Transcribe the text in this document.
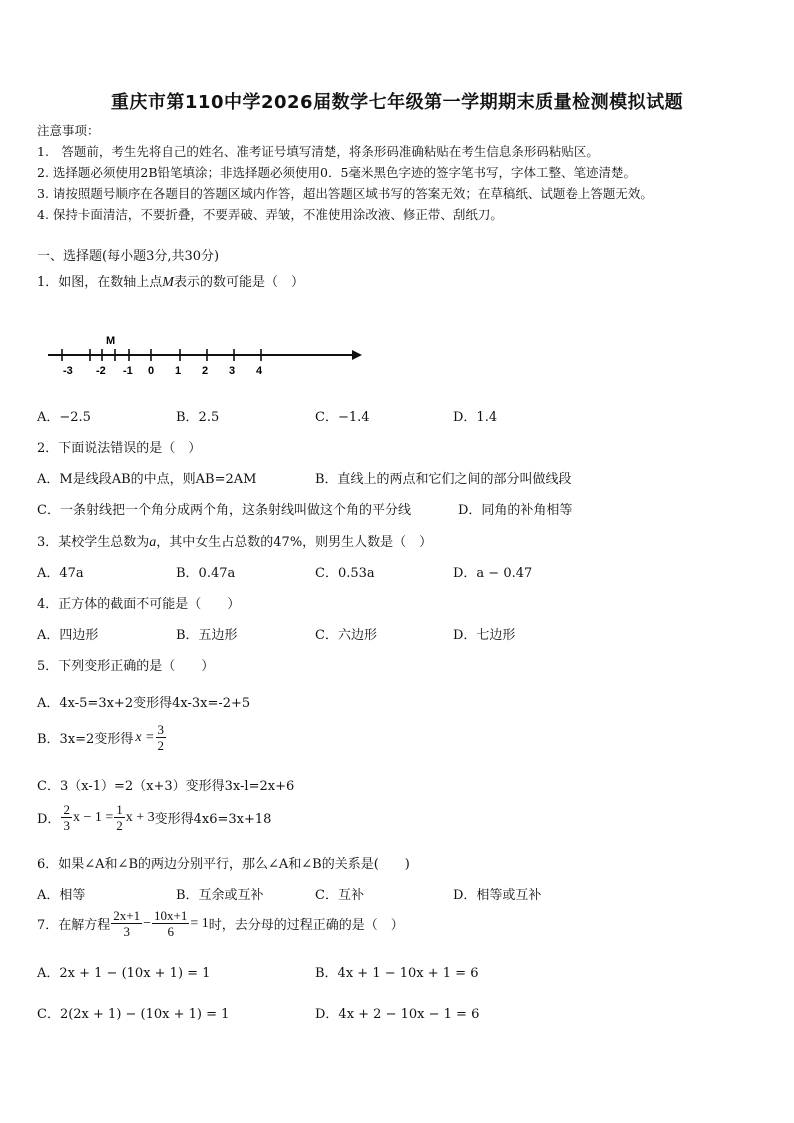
重庆市第110中学2026届数学七年级第一学期期末质量检测模拟试题
注意事项：
1.　答题前，考生先将自己的姓名、准考证号填写清楚，将条形码准确粘贴在考生信息条形码粘贴区。
2. 选择题必须使用2B铅笔填涂；非选择题必须使用0．5毫米黑色字迹的签字笔书写，字体工整、笔迹清楚。
3. 请按照题号顺序在各题目的答题区域内作答，超出答题区域书写的答案无效；在草稿纸、试题卷上答题无效。
4. 保持卡面清洁，不要折叠，不要弄破、弄皱，不准使用涂改液、修正带、刮纸刀。
一、选择题(每小题3分,共30分)
1．如图，在数轴上点M表示的数可能是（　）
-3 -2 -1 0 1 2 3 4
M
A．−2.5	B．2.5	C．−1.4	D．1.4
2．下面说法错误的是（　）
A．M是线段AB的中点，则AB=2AM	B．直线上的两点和它们之间的部分叫做线段
C．一条射线把一个角分成两个角，这条射线叫做这个角的平分线	D．同角的补角相等
3．某校学生总数为a，其中女生占总数的47%，则男生人数是（　）
A．47a	B．0.47a	C．0.53a	D．a − 0.47
4．正方体的截面不可能是（　　）
A．四边形	B．五边形	C．六边形	D．七边形
5．下列变形正确的是（　　）
A．4x-5=3x+2变形得4x-3x=-2+5
B．3x=2变形得 $x = \frac{3}{2}$
C．3（x-1）=2（x+3）变形得3x-l=2x+6
D． $\frac{2}{3}$ $x - 1 = \frac{1}{2}$ x + 3 变形得4x6=3x+18
6．如果∠A和∠B的两边分别平行，那么∠A和∠B的关系是(　　)
A．相等	B．互余或互补	C．互补	D．相等或互补
7．在解方程 $\frac{2x+1}{3} - \frac{10x+1}{6} = 1$ 时，去分母的过程正确的是（　）
A．2x + 1 − (10x + 1) = 1	B．4x + 1 − 10x + 1 = 6
C．2(2x + 1) − (10x + 1) = 1	D．4x + 2 − 10x − 1 = 6
